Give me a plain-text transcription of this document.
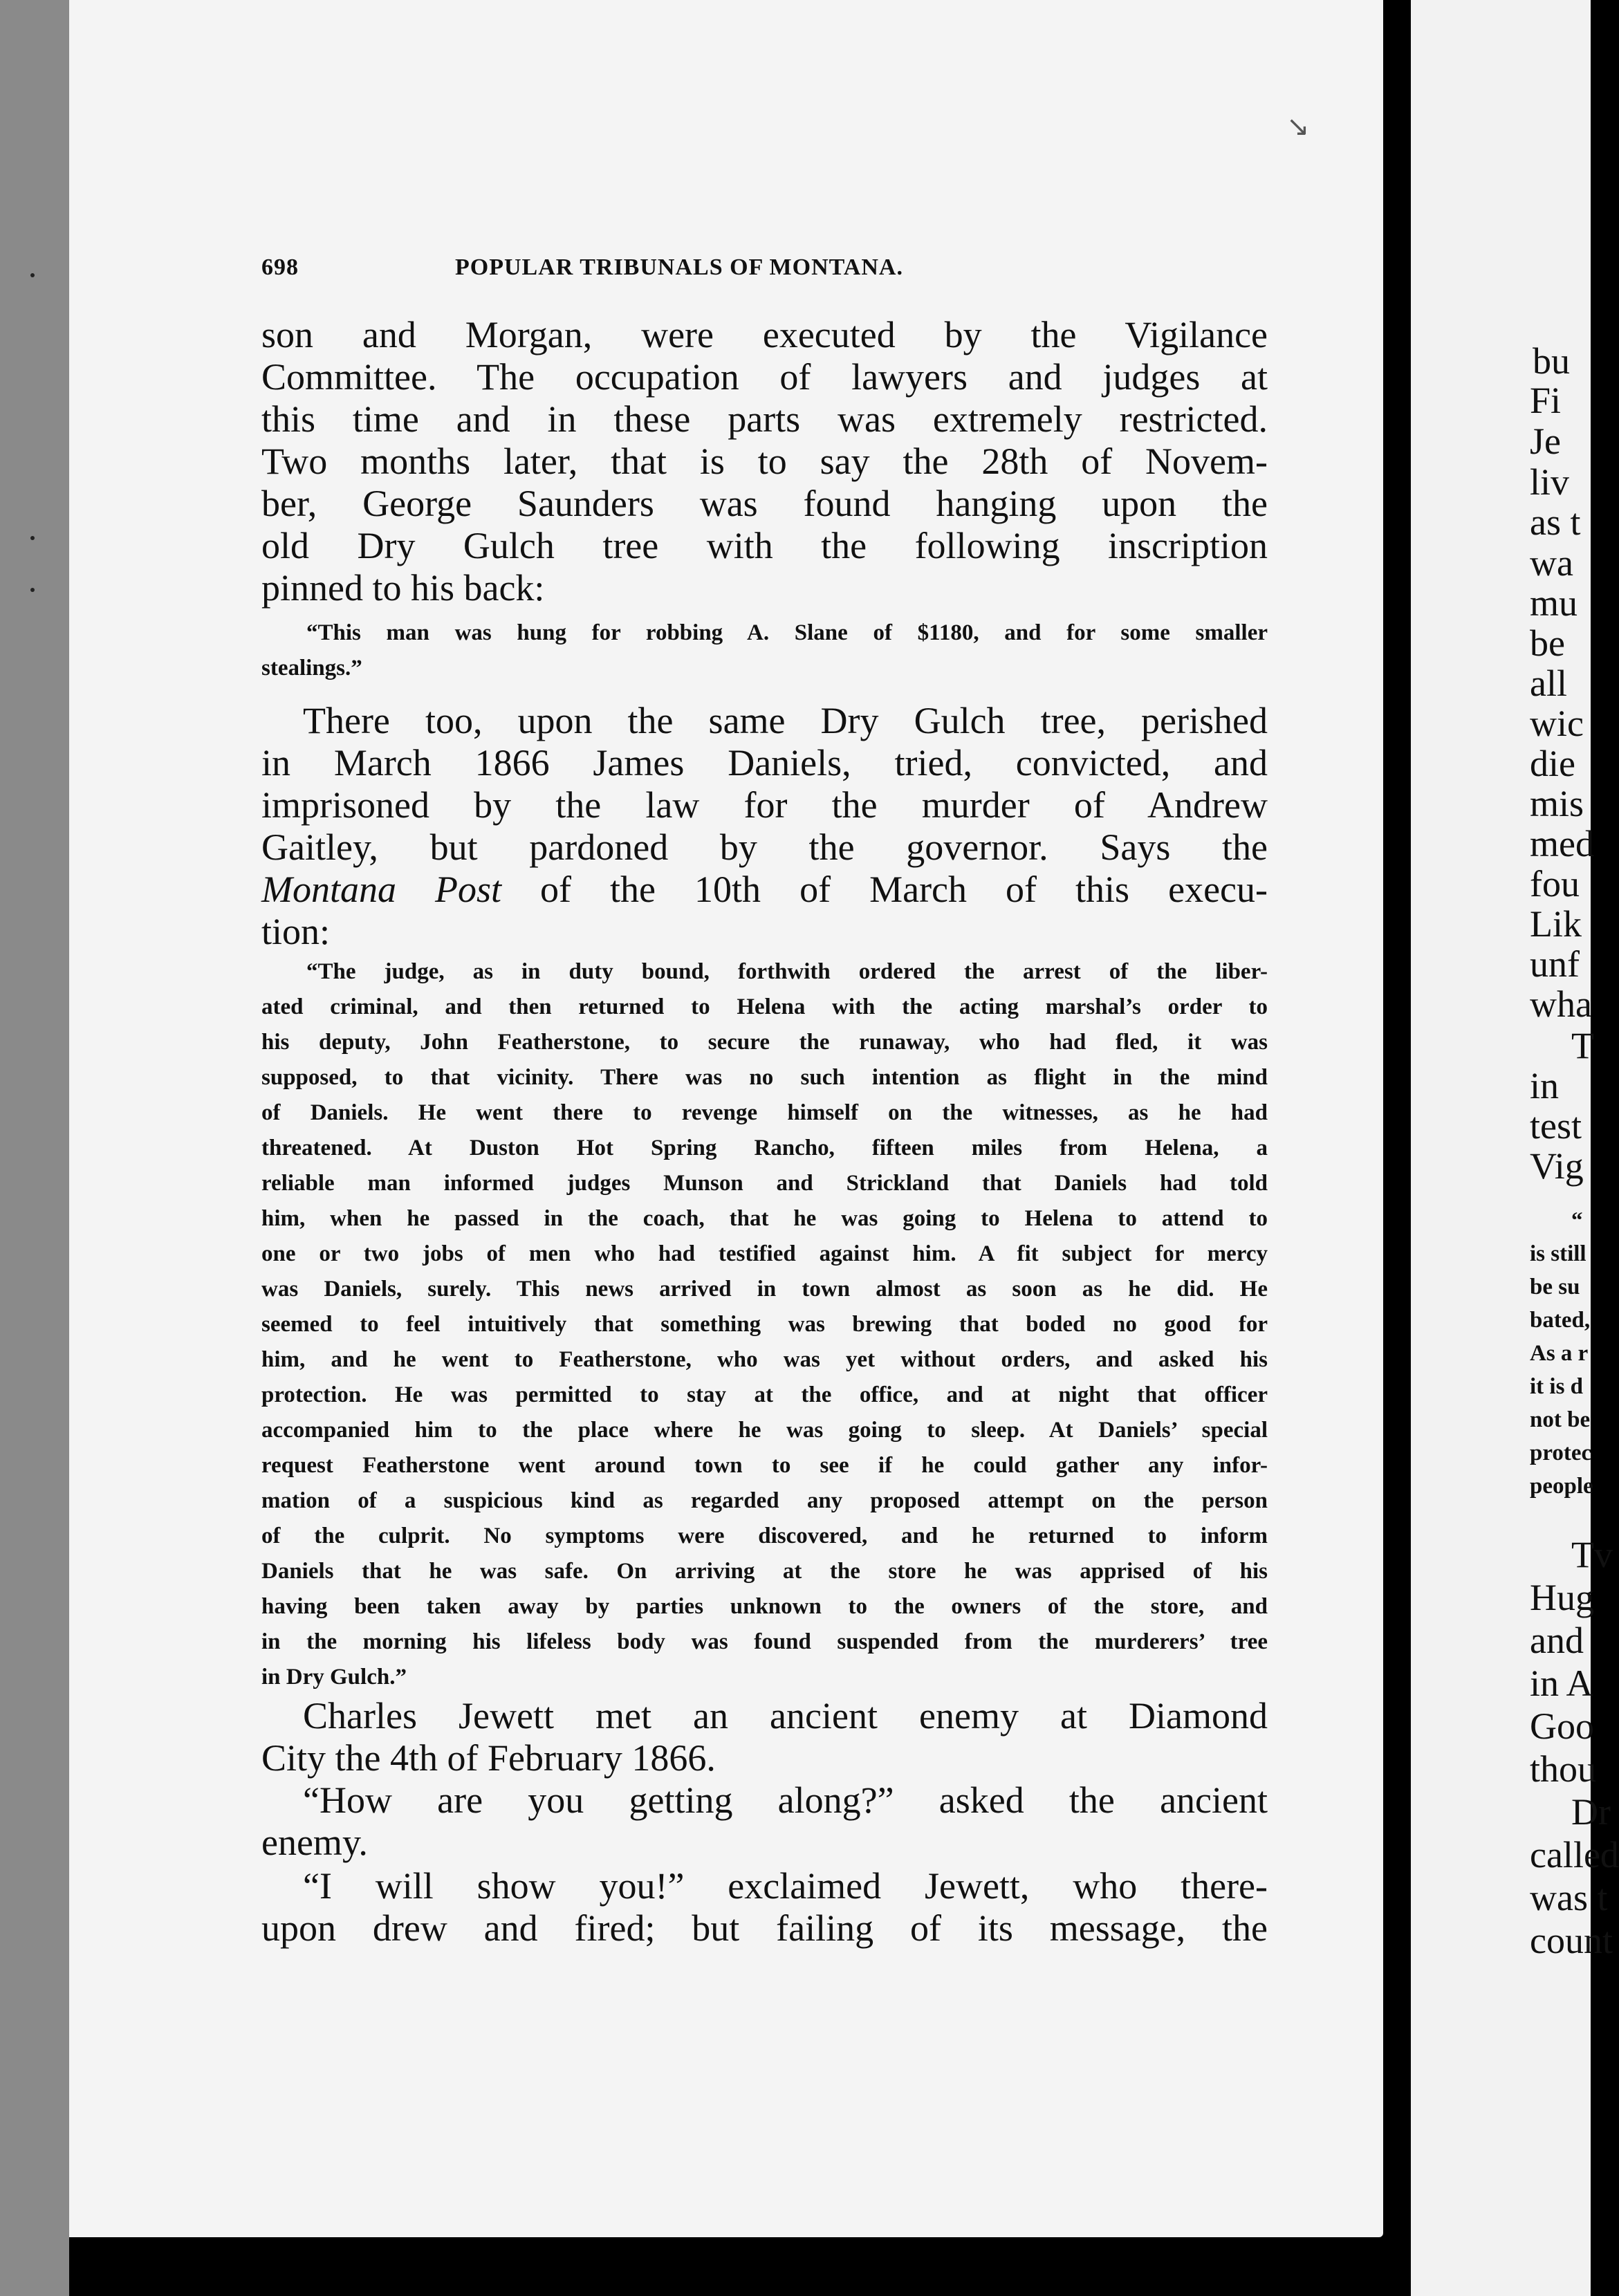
↘
698	POPULAR TRIBUNALS OF MONTANA.
son and Morgan, were executed by the Vigilance
Committee. The occupation of lawyers and judges at
this time and in these parts was extremely restricted.
Two months later, that is to say the 28th of Novem-
ber, George Saunders was found hanging upon the
old Dry Gulch tree with the following inscription
pinned to his back:
“This man was hung for robbing A. Slane of $1180, and for some smaller
stealings.”
There too, upon the same Dry Gulch tree, perished
in March 1866 James Daniels, tried, convicted, and
imprisoned by the law for the murder of Andrew
Gaitley, but pardoned by the governor. Says the
Montana Post of the 10th of March of this execu-
tion:
“The judge, as in duty bound, forthwith ordered the arrest of the liber-
ated criminal, and then returned to Helena with the acting marshal’s order to
his deputy, John Featherstone, to secure the runaway, who had fled, it was
supposed, to that vicinity. There was no such intention as flight in the mind
of Daniels. He went there to revenge himself on the witnesses, as he had
threatened. At Duston Hot Spring Rancho, fifteen miles from Helena, a
reliable man informed judges Munson and Strickland that Daniels had told
him, when he passed in the coach, that he was going to Helena to attend to
one or two jobs of men who had testified against him. A fit subject for mercy
was Daniels, surely. This news arrived in town almost as soon as he did. He
seemed to feel intuitively that something was brewing that boded no good for
him, and he went to Featherstone, who was yet without orders, and asked his
protection. He was permitted to stay at the office, and at night that officer
accompanied him to the place where he was going to sleep. At Daniels’ special
request Featherstone went around town to see if he could gather any infor-
mation of a suspicious kind as regarded any proposed attempt on the person
of the culprit. No symptoms were discovered, and he returned to inform
Daniels that he was safe. On arriving at the store he was apprised of his
having been taken away by parties unknown to the owners of the store, and
in the morning his lifeless body was found suspended from the murderers’ tree
in Dry Gulch.”
Charles Jewett met an ancient enemy at Diamond
City the 4th of February 1866.
“How are you getting along?” asked the ancient
enemy.
“I will show you!” exclaimed Jewett, who there-
upon drew and fired; but failing of its message, the
bu
Fi
Je
liv
as t
wa
mu
be
all
wic
die
mis
med
fou
Lik
unf
wha
T
in
test
Vig
“
is still
be su
bated,
As a r
it is d
not be
protec
people
Tv
Hug
and
in A
Goo
thou
Dr
called
was t
count
